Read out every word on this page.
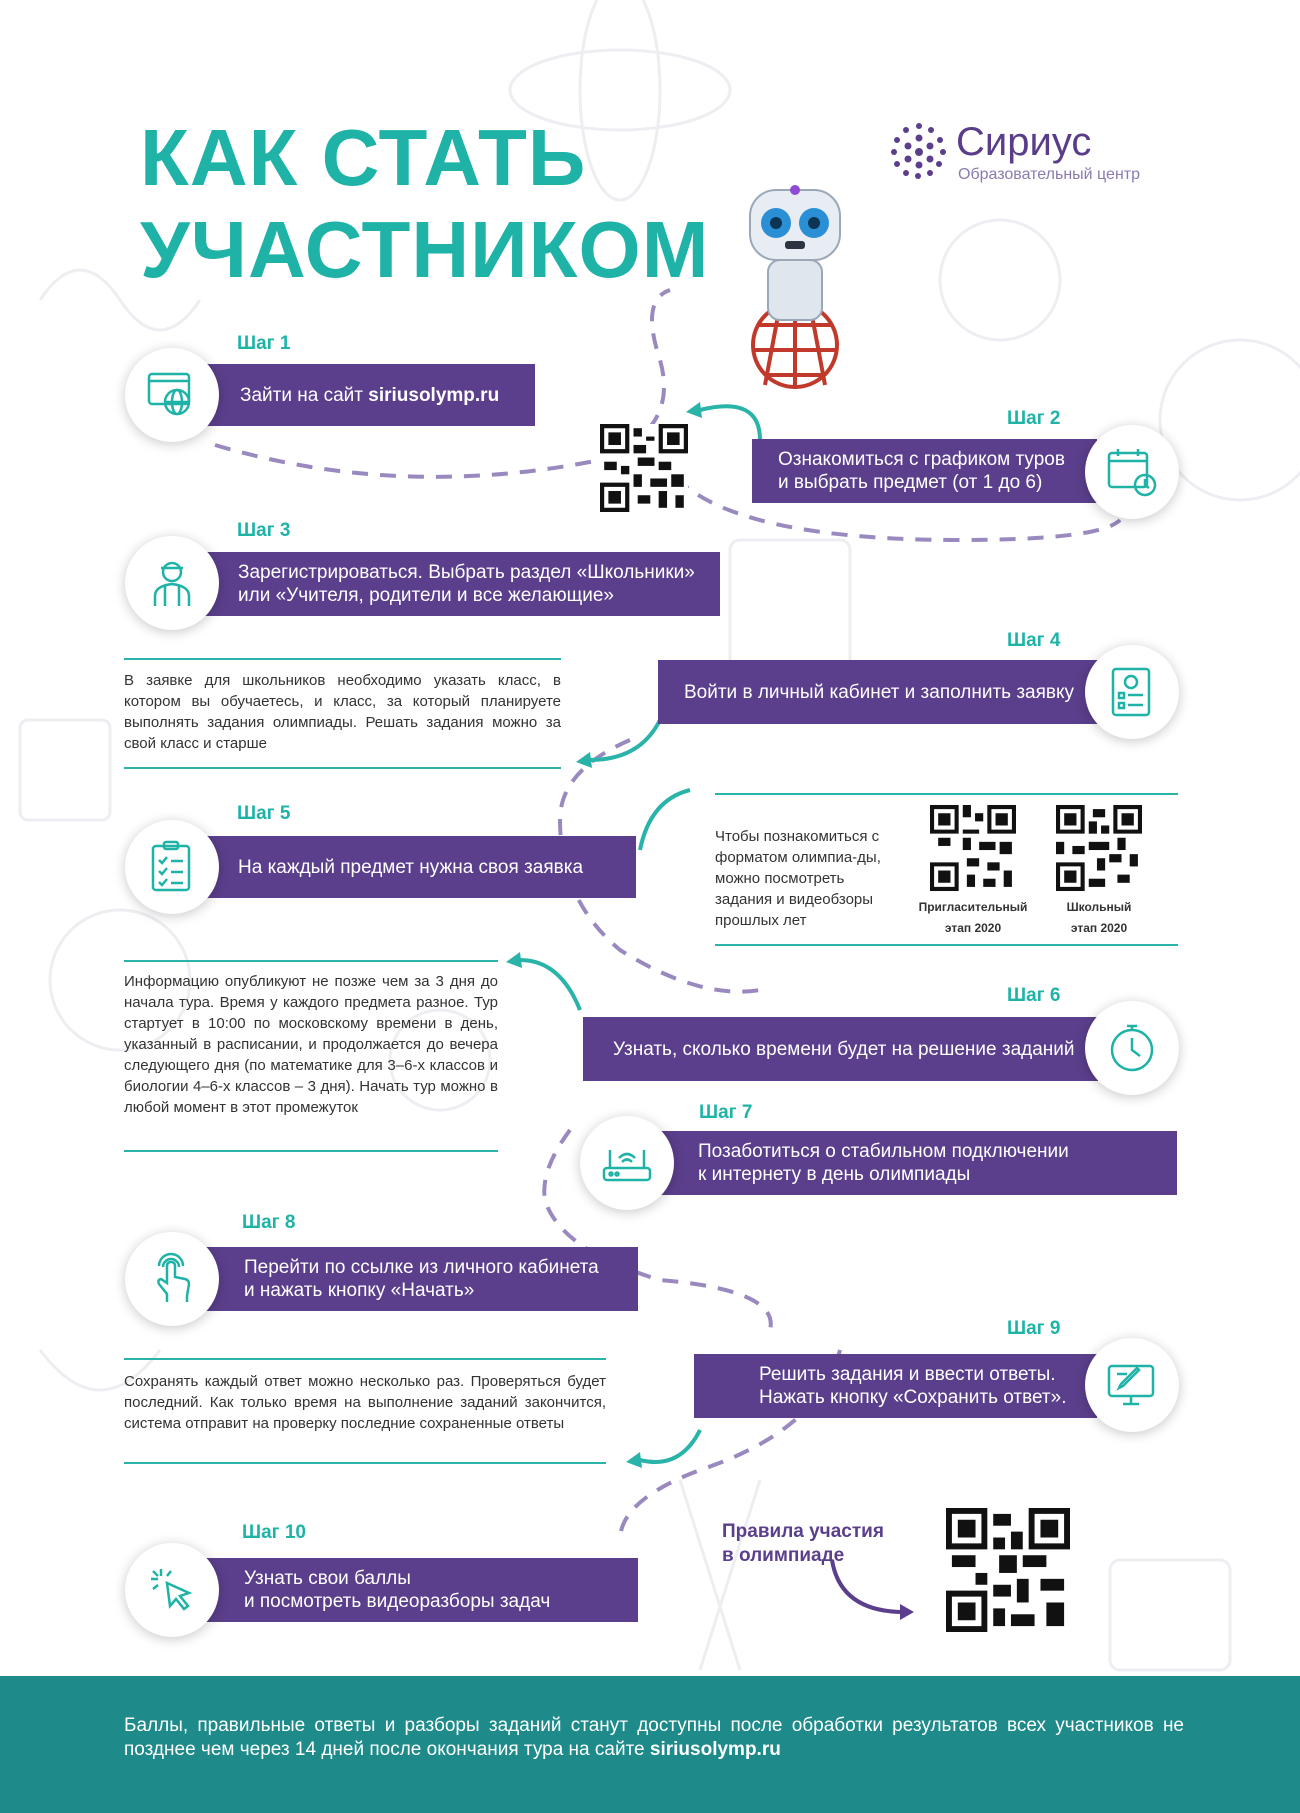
КАК СТАТЬ
УЧАСТНИКОМ
Сириус
Образовательный центр
Шаг 1
Зайти на сайт siriusolymp.ru
Шаг 2
Ознакомиться с графиком туров
и выбрать предмет (от 1 до 6)
Шаг 3
Зарегистрироваться. Выбрать раздел «Школьники»
или «Учителя, родители и все желающие»
В заявке для школьников необходимо указать класс, в котором вы обучаетесь, и класс, за который планируете выполнять задания олимпиады. Решать задания можно за свой класс и старше
Шаг 4
Войти в личный кабинет и заполнить заявку
Чтобы познакомиться с форматом олимпиа-ды, можно посмотреть задания и видеобзоры прошлых лет
Пригласительный
этап 2020
Школьный
этап 2020
Шаг 5
На каждый предмет нужна своя заявка
Информацию опубликуют не позже чем за 3 дня до начала тура. Время у каждого предмета разное. Тур стартует в 10:00 по московскому времени в день, указанный в расписании, и продолжается до вечера следующего дня (по математике для 3–6-х классов и биологии 4–6-х классов – 3 дня). Начать тур можно в любой момент в этот промежуток
Шаг 6
Узнать, сколько времени будет на решение заданий
Шаг 7
Позаботиться о стабильном подключении
к интернету в день олимпиады
Шаг 8
Перейти по ссылке из личного кабинета
и нажать кнопку «Начать»
Шаг 9
Решить задания и ввести ответы.
Нажать кнопку «Сохранить ответ».
Сохранять каждый ответ можно несколько раз. Проверяться будет последний. Как только время на выполнение заданий закончится, система отправит на проверку последние сохраненные ответы
Шаг 10
Узнать свои баллы
и посмотреть видеоразборы задач
Правила участия
в олимпиаде
Баллы, правильные ответы и разборы заданий станут доступны после обработки результатов всех участников не позднее чем через 14 дней после окончания тура на сайте siriusolymp.ru
